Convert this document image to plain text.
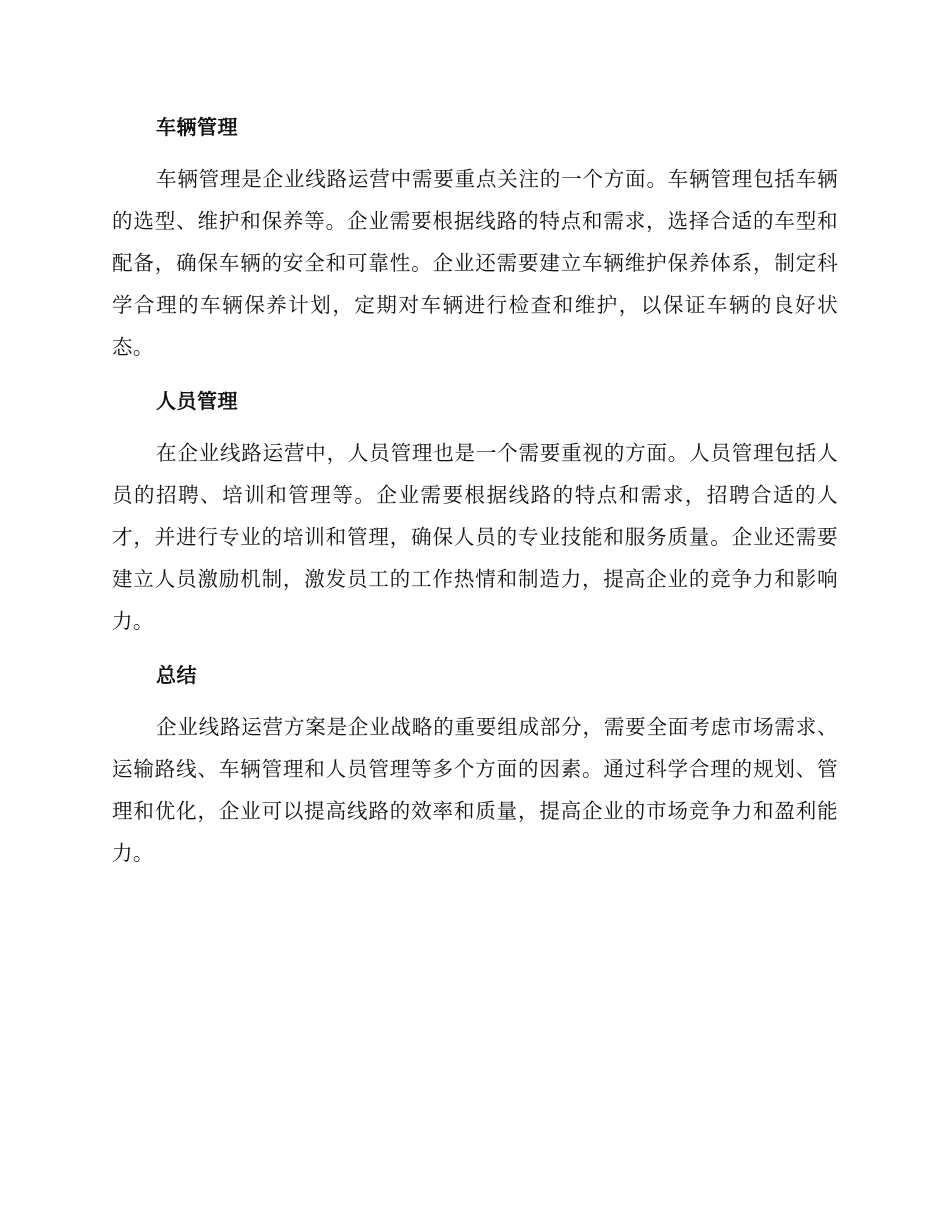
车辆管理

车辆管理是企业线路运营中需要重点关注的一个方面。车辆管理包括车辆的选型、维护和保养等。企业需要根据线路的特点和需求，选择合适的车型和配备，确保车辆的安全和可靠性。企业还需要建立车辆维护保养体系，制定科学合理的车辆保养计划，定期对车辆进行检查和维护，以保证车辆的良好状态。

人员管理

在企业线路运营中，人员管理也是一个需要重视的方面。人员管理包括人员的招聘、培训和管理等。企业需要根据线路的特点和需求，招聘合适的人才，并进行专业的培训和管理，确保人员的专业技能和服务质量。企业还需要建立人员激励机制，激发员工的工作热情和制造力，提高企业的竞争力和影响力。

总结

企业线路运营方案是企业战略的重要组成部分，需要全面考虑市场需求、运输路线、车辆管理和人员管理等多个方面的因素。通过科学合理的规划、管理和优化，企业可以提高线路的效率和质量，提高企业的市场竞争力和盈利能力。
